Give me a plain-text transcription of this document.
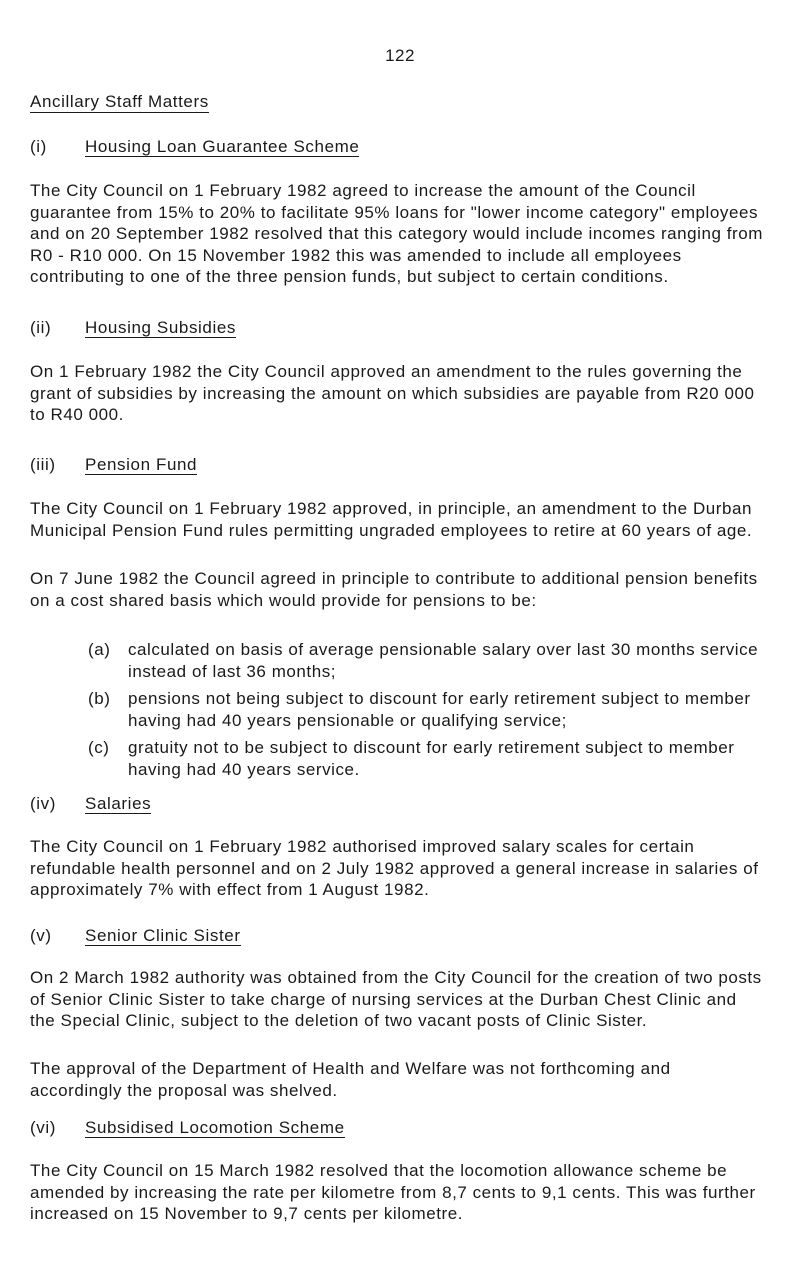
122
Ancillary Staff Matters
(i) Housing Loan Guarantee Scheme

The City Council on 1 February 1982 agreed to increase the amount of the Council guarantee from 15% to 20% to facilitate 95% loans for "lower income category" employees and on 20 September 1982 resolved that this category would include incomes ranging from R0 - R10 000. On 15 November 1982 this was amended to include all employees contributing to one of the three pension funds, but subject to certain conditions.

(ii) Housing Subsidies

On 1 February 1982 the City Council approved an amendment to the rules governing the grant of subsidies by increasing the amount on which subsidies are payable from R20 000 to R40 000.

(iii) Pension Fund

The City Council on 1 February 1982 approved, in principle, an amendment to the Durban Municipal Pension Fund rules permitting ungraded employees to retire at 60 years of age.

On 7 June 1982 the Council agreed in principle to contribute to additional pension benefits on a cost shared basis which would provide for pensions to be:

(a) calculated on basis of average pensionable salary over last 30 months service instead of last 36 months;
(b) pensions not being subject to discount for early retirement subject to member having had 40 years pensionable or qualifying service;
(c) gratuity not to be subject to discount for early retirement subject to member having had 40 years service.
(iv) Salaries

The City Council on 1 February 1982 authorised improved salary scales for certain refundable health personnel and on 2 July 1982 approved a general increase in salaries of approximately 7% with effect from 1 August 1982.

(v) Senior Clinic Sister

On 2 March 1982 authority was obtained from the City Council for the creation of two posts of Senior Clinic Sister to take charge of nursing services at the Durban Chest Clinic and the Special Clinic, subject to the deletion of two vacant posts of Clinic Sister.

The approval of the Department of Health and Welfare was not forthcoming and accordingly the proposal was shelved.

(vi) Subsidised Locomotion Scheme

The City Council on 15 March 1982 resolved that the locomotion allowance scheme be amended by increasing the rate per kilometre from 8,7 cents to 9,1 cents. This was further increased on 15 November to 9,7 cents per kilometre.
